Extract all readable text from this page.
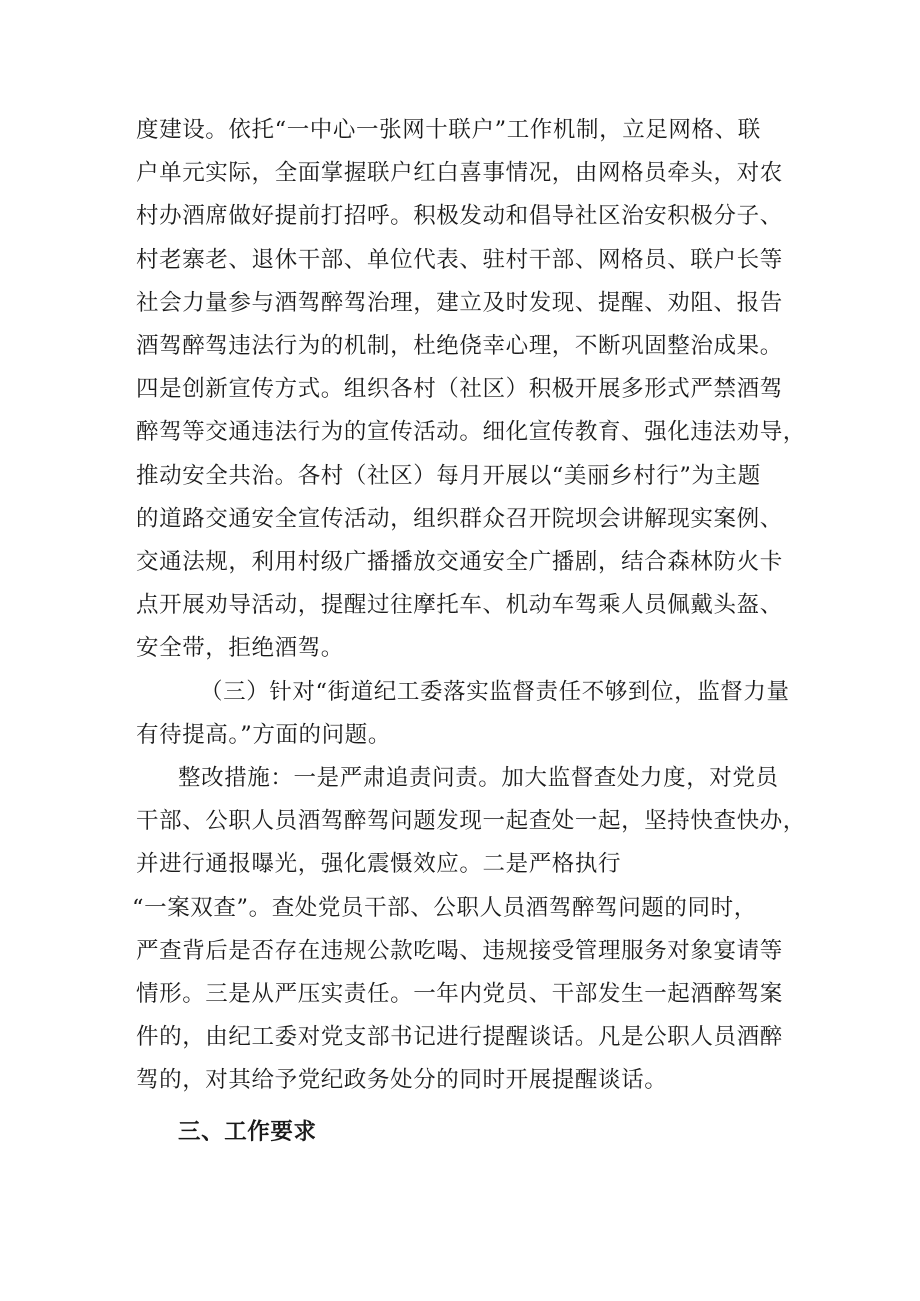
度建设。依托“一中心一张网十联户”工作机制，立足网格、联
户单元实际，全面掌握联户红白喜事情况，由网格员牵头，对农
村办酒席做好提前打招呼。积极发动和倡导社区治安积极分子、
村老寨老、退休干部、单位代表、驻村干部、网格员、联户长等
社会力量参与酒驾醉驾治理，建立及时发现、提醒、劝阻、报告
酒驾醉驾违法行为的机制，杜绝侥幸心理，不断巩固整治成果。
四是创新宣传方式。组织各村（社区）积极开展多形式严禁酒驾
醉驾等交通违法行为的宣传活动。细化宣传教育、强化违法劝导，
推动安全共治。各村（社区）每月开展以“美丽乡村行”为主题
的道路交通安全宣传活动，组织群众召开院坝会讲解现实案例、
交通法规，利用村级广播播放交通安全广播剧，结合森林防火卡
点开展劝导活动，提醒过往摩托车、机动车驾乘人员佩戴头盔、
安全带，拒绝酒驾。
（三）针对“街道纪工委落实监督责任不够到位，监督力量
有待提高。”方面的问题。
整改措施：一是严肃追责问责。加大监督查处力度，对党员
干部、公职人员酒驾醉驾问题发现一起查处一起，坚持快查快办，
并进行通报曝光，强化震慑效应。二是严格执行
“一案双查”。查处党员干部、公职人员酒驾醉驾问题的同时，
严查背后是否存在违规公款吃喝、违规接受管理服务对象宴请等
情形。三是从严压实责任。一年内党员、干部发生一起酒醉驾案
件的，由纪工委对党支部书记进行提醒谈话。凡是公职人员酒醉
驾的，对其给予党纪政务处分的同时开展提醒谈话。
三、工作要求
